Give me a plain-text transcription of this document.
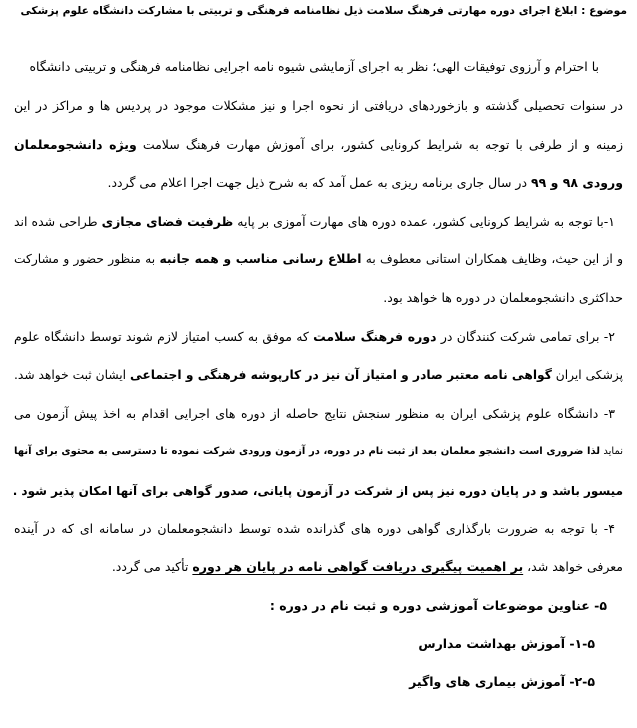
موضوع : ابلاغ اجرای دوره مهارتی فرهنگ سلامت ذیل نظامنامه فرهنگی و تربیتی با مشارکت دانشگاه علوم پزشکی
با احترام و آرزوی توفیقات الهی؛ نظر به اجرای آزمایشی شیوه نامه اجرایی نظامنامه فرهنگی و تربیتی دانشگاه
در سنوات تحصیلی گذشته و بازخوردهای دریافتی از نحوه اجرا و نیز مشکلات موجود در پردیس ها و مراکز در این
زمینه و از طرفی با توجه به شرایط کرونایی کشور، برای آموزش مهارت فرهنگ سلامت ویژه دانشجومعلمان
ورودی ۹۸ و ۹۹ در سال جاری برنامه ریزی به عمل آمد که به شرح ذیل جهت اجرا اعلام می گردد.
۱-با توجه به شرایط کرونایی کشور، عمده دوره های مهارت آموزی بر پایه ظرفیت فضای مجازی طراحی شده اند
و از این حیث، وظایف همکاران استانی معطوف به اطلاع رسانی مناسب و همه جانبه به منظور حضور و مشارکت
حداکثری دانشجومعلمان در دوره ها خواهد بود.
۲- برای تمامی شرکت کنندگان در دوره فرهنگ سلامت که موفق به کسب امتیاز لازم شوند توسط دانشگاه علوم
پزشکی ایران گواهی نامه معتبر صادر و امتیاز آن نیز در کارپوشه فرهنگی و اجتماعی ایشان ثبت خواهد شد.
۳- دانشگاه علوم پزشکی ایران به منظور سنجش نتایج حاصله از دوره های اجرایی اقدام به اخذ پیش آزمون می
نماید لذا ضروری است دانشجو معلمان بعد از ثبت نام در دوره، در آزمون ورودی شرکت نموده تا دسترسی به محتوی برای آنها
میسور باشد و در پایان دوره نیز پس از شرکت در آزمون پایانی، صدور گواهی برای آنها امکان پذیر شود .
۴- با توجه به ضرورت بارگذاری گواهی دوره های گذرانده شده توسط دانشجومعلمان در سامانه ای که در آینده
معرفی خواهد شد، بر اهمیت پیگیری دریافت گواهی نامه در پایان هر دوره تأکید می گردد.
۵- عناوین موضوعات آموزشی دوره و ثبت نام در دوره :
۱-۵- آموزش بهداشت مدارس
۲-۵- آموزش بیماری های واگیر
